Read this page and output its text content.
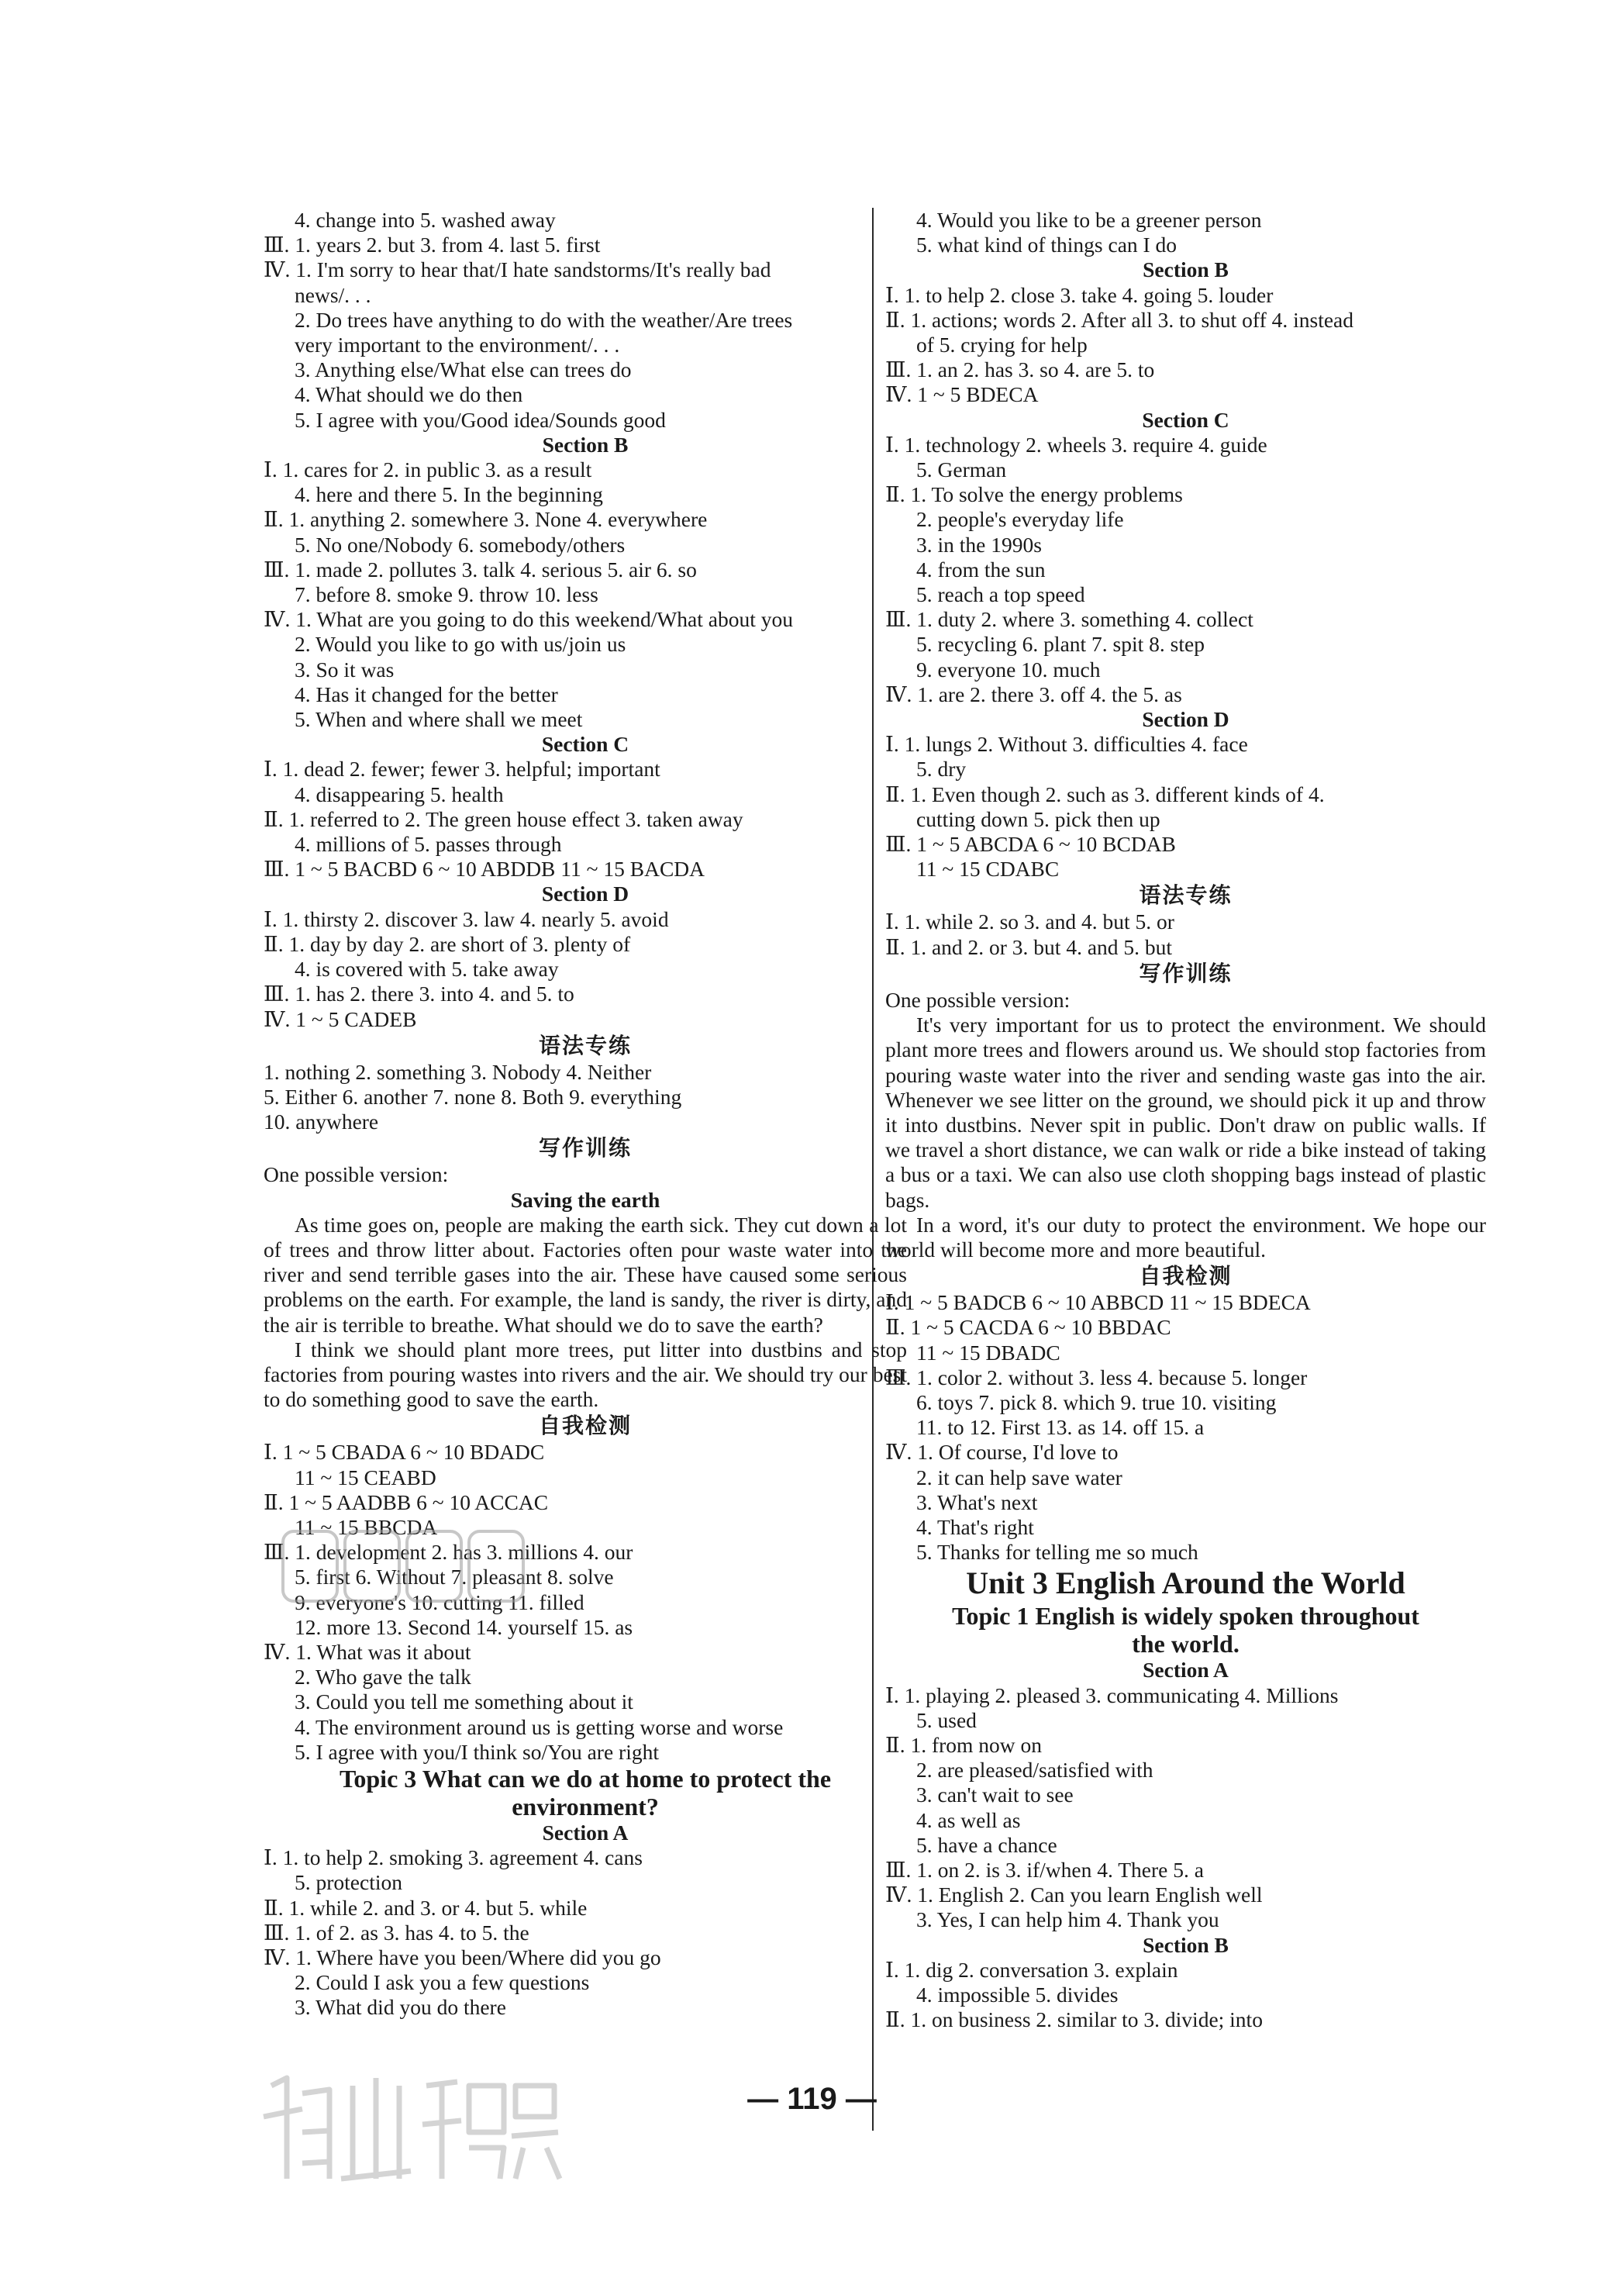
4. change into 5. washed away
Ⅲ. 1. years 2. but 3. from 4. last 5. first
Ⅳ. 1. I'm sorry to hear that/I hate sandstorms/It's really bad
news/. . .
2. Do trees have anything to do with the weather/Are trees
very important to the environment/. . .
3. Anything else/What else can trees do
4. What should we do then
5. I agree with you/Good idea/Sounds good
Section B
Ⅰ. 1. cares for 2. in public 3. as a result
4. here and there 5. In the beginning
Ⅱ. 1. anything 2. somewhere 3. None 4. everywhere
5. No one/Nobody 6. somebody/others
Ⅲ. 1. made 2. pollutes 3. talk 4. serious 5. air 6. so
7. before 8. smoke 9. throw 10. less
Ⅳ. 1. What are you going to do this weekend/What about you
2. Would you like to go with us/join us
3. So it was
4. Has it changed for the better
5. When and where shall we meet
Section C
Ⅰ. 1. dead 2. fewer; fewer 3. helpful; important
4. disappearing 5. health
Ⅱ. 1. referred to 2. The green house effect 3. taken away
4. millions of 5. passes through
Ⅲ. 1 ~ 5 BACBD 6 ~ 10 ABDDB 11 ~ 15 BACDA
Section D
Ⅰ. 1. thirsty 2. discover 3. law 4. nearly 5. avoid
Ⅱ. 1. day by day 2. are short of 3. plenty of
4. is covered with 5. take away
Ⅲ. 1. has 2. there 3. into 4. and 5. to
Ⅳ. 1 ~ 5 CADEB
语法专练
1. nothing 2. something 3. Nobody 4. Neither
5. Either 6. another 7. none 8. Both 9. everything
10. anywhere
写作训练
One possible version:
Saving the earth
As time goes on, people are making the earth sick. They cut down a lot of trees and throw litter about. Factories often pour waste water into the river and send terrible gases into the air. These have caused some serious problems on the earth. For example, the land is sandy, the river is dirty, and the air is terrible to breathe. What should we do to save the earth?
I think we should plant more trees, put litter into dustbins and stop factories from pouring wastes into rivers and the air. We should try our best to do something good to save the earth.
自我检测
Ⅰ. 1 ~ 5 CBADA 6 ~ 10 BDADC
11 ~ 15 CEABD
Ⅱ. 1 ~ 5 AADBB 6 ~ 10 ACCAC
11 ~ 15 BBCDA
Ⅲ. 1. development 2. has 3. millions 4. our
5. first 6. Without 7. pleasant 8. solve
9. everyone's 10. cutting 11. filled
12. more 13. Second 14. yourself 15. as
Ⅳ. 1. What was it about
2. Who gave the talk
3. Could you tell me something about it
4. The environment around us is getting worse and worse
5. I agree with you/I think so/You are right
Topic 3 What can we do at home to protect the
environment?
Section A
Ⅰ. 1. to help 2. smoking 3. agreement 4. cans
5. protection
Ⅱ. 1. while 2. and 3. or 4. but 5. while
Ⅲ. 1. of 2. as 3. has 4. to 5. the
Ⅳ. 1. Where have you been/Where did you go
2. Could I ask you a few questions
3. What did you do there
4. Would you like to be a greener person
5. what kind of things can I do
Section B
Ⅰ. 1. to help 2. close 3. take 4. going 5. louder
Ⅱ. 1. actions; words 2. After all 3. to shut off 4. instead
of 5. crying for help
Ⅲ. 1. an 2. has 3. so 4. are 5. to
Ⅳ. 1 ~ 5 BDECA
Section C
Ⅰ. 1. technology 2. wheels 3. require 4. guide
5. German
Ⅱ. 1. To solve the energy problems
2. people's everyday life
3. in the 1990s
4. from the sun
5. reach a top speed
Ⅲ. 1. duty 2. where 3. something 4. collect
5. recycling 6. plant 7. spit 8. step
9. everyone 10. much
Ⅳ. 1. are 2. there 3. off 4. the 5. as
Section D
Ⅰ. 1. lungs 2. Without 3. difficulties 4. face
5. dry
Ⅱ. 1. Even though 2. such as 3. different kinds of 4.
cutting down 5. pick then up
Ⅲ. 1 ~ 5 ABCDA 6 ~ 10 BCDAB
11 ~ 15 CDABC
语法专练
Ⅰ. 1. while 2. so 3. and 4. but 5. or
Ⅱ. 1. and 2. or 3. but 4. and 5. but
写作训练
One possible version:
It's very important for us to protect the environment. We should plant more trees and flowers around us. We should stop factories from pouring waste water into the river and sending waste gas into the air. Whenever we see litter on the ground, we should pick it up and throw it into dustbins. Never spit in public. Don't draw on public walls. If we travel a short distance, we can walk or ride a bike instead of taking a bus or a taxi. We can also use cloth shopping bags instead of plastic bags.
In a word, it's our duty to protect the environment. We hope our world will become more and more beautiful.
自我检测
Ⅰ. 1 ~ 5 BADCB 6 ~ 10 ABBCD 11 ~ 15 BDECA
Ⅱ. 1 ~ 5 CACDA 6 ~ 10 BBDAC
11 ~ 15 DBADC
Ⅲ. 1. color 2. without 3. less 4. because 5. longer
6. toys 7. pick 8. which 9. true 10. visiting
11. to 12. First 13. as 14. off 15. a
Ⅳ. 1. Of course, I'd love to
2. it can help save water
3. What's next
4. That's right
5. Thanks for telling me so much
Unit 3 English Around the World
Topic 1 English is widely spoken throughout
the world.
Section A
Ⅰ. 1. playing 2. pleased 3. communicating 4. Millions
5. used
Ⅱ. 1. from now on
2. are pleased/satisfied with
3. can't wait to see
4. as well as
5. have a chance
Ⅲ. 1. on 2. is 3. if/when 4. There 5. a
Ⅳ. 1. English 2. Can you learn English well
3. Yes, I can help him 4. Thank you
Section B
Ⅰ. 1. dig 2. conversation 3. explain
4. impossible 5. divides
Ⅱ. 1. on business 2. similar to 3. divide; into
— 119 —
